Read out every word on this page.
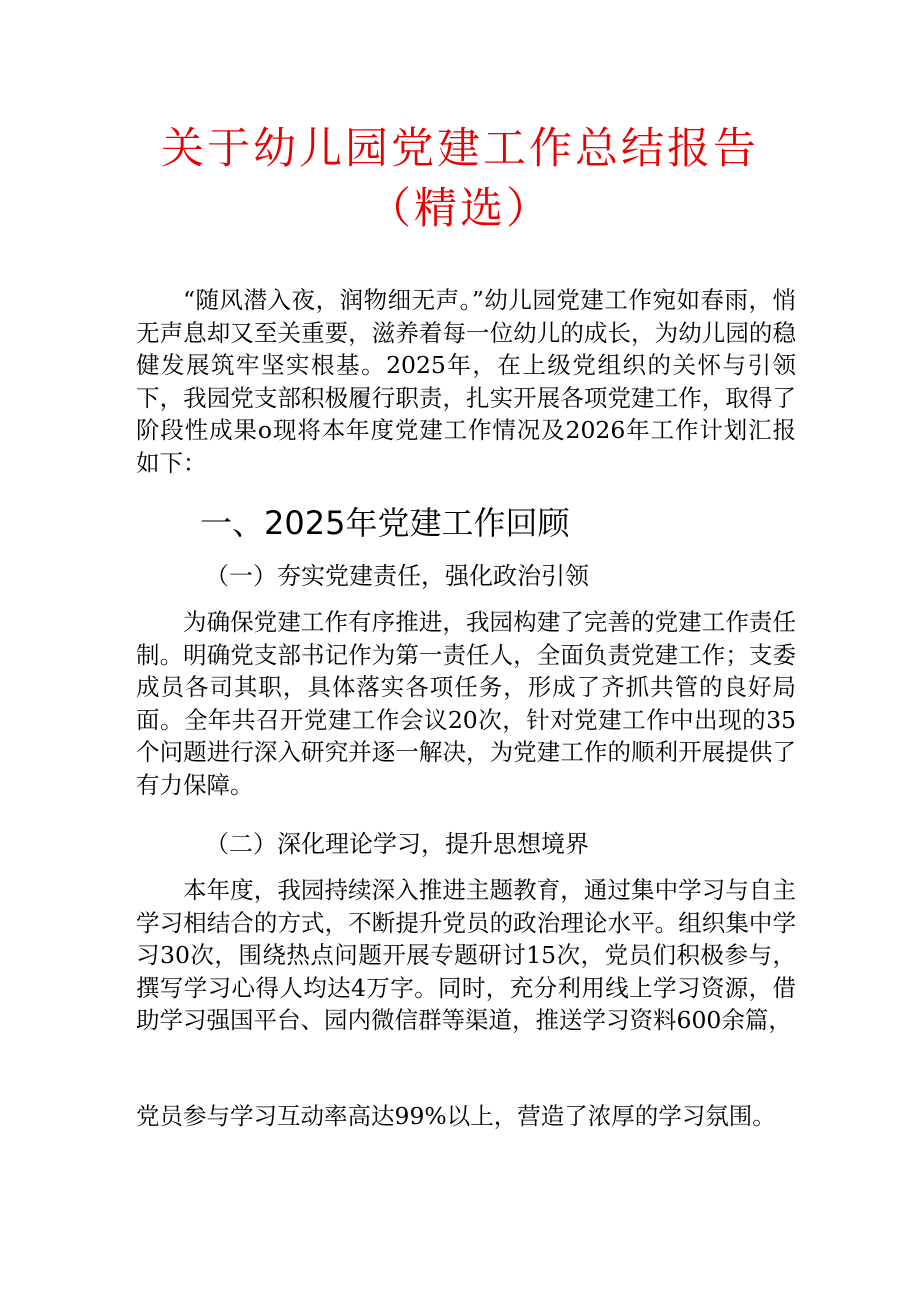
关于幼儿园党建工作总结报告
（精选）
“随风潜入夜，润物细无声。”幼儿园党建工作宛如春雨，悄无声息却又至关重要，滋养着每一位幼儿的成长，为幼儿园的稳健发展筑牢坚实根基。2025年，在上级党组织的关怀与引领下，我园党支部积极履行职责，扎实开展各项党建工作，取得了阶段性成果o现将本年度党建工作情况及2026年工作计划汇报如下：
一、2025年党建工作回顾
（一）夯实党建责任，强化政治引领
为确保党建工作有序推进，我园构建了完善的党建工作责任制。明确党支部书记作为第一责任人，全面负责党建工作；支委成员各司其职，具体落实各项任务，形成了齐抓共管的良好局面。全年共召开党建工作会议20次，针对党建工作中出现的35个问题进行深入研究并逐一解决，为党建工作的顺利开展提供了有力保障。
（二）深化理论学习，提升思想境界
本年度，我园持续深入推进主题教育，通过集中学习与自主学习相结合的方式，不断提升党员的政治理论水平。组织集中学习30次，围绕热点问题开展专题研讨15次，党员们积极参与，撰写学习心得人均达4万字。同时，充分利用线上学习资源，借助学习强国平台、园内微信群等渠道，推送学习资料600余篇，
党员参与学习互动率高达99%以上，营造了浓厚的学习氛围。
